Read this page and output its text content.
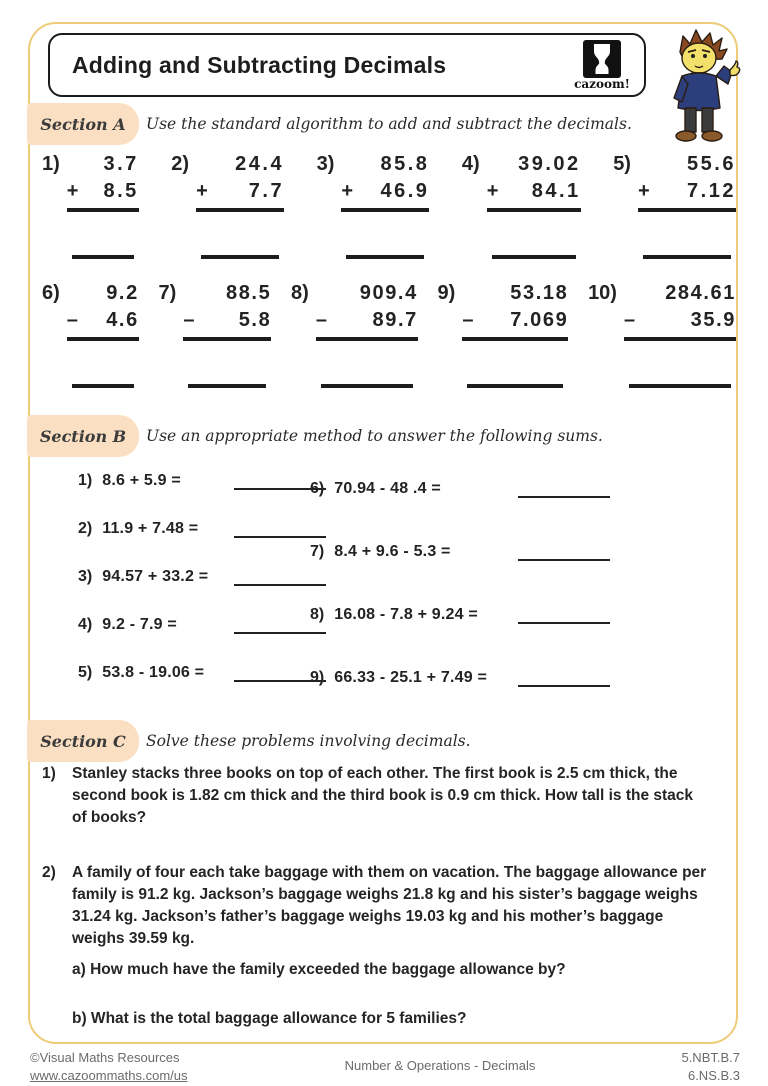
Adding and Subtracting Decimals
cazoom!
Section A Use the standard algorithm to add and subtract the decimals.
1) 3.7
+ 8.5
2) 24.4
+ 7.7
3) 85.8
+ 46.9
4) 39.02
+ 84.1
5)	55.6
+ 7.12
6) 9.2
– 4.6
7) 88.5
– 5.8
8)	909.4
– 89.7
9)	53.18
– 7.069
10) 284.61
–	35.9
Section B Use an appropriate method to answer the following sums.
1) 8.6 + 5.9 =
2) 11.9 + 7.48 =
3) 94.57 + 33.2 =
4) 9.2 - 7.9 =
5) 53.8 - 19.06 =
6) 70.94 - 48 .4 =
7) 8.4 + 9.6 - 5.3 =
8) 16.08 - 7.8 + 9.24 =
9) 66.33 - 25.1 + 7.49 =
Section C Solve these problems involving decimals.
1)	Stanley stacks three books on top of each other. The first book is 2.5 cm thick, the second book is 1.82 cm thick and the third book is 0.9 cm thick. How tall is the stack of books?
2)	A family of four each take baggage with them on vacation. The baggage allowance per family is 91.2 kg. Jackson’s baggage weighs 21.8 kg and his sister’s baggage weighs 31.24 kg. Jackson’s father’s baggage weighs 19.03 kg and his mother’s baggage weighs 39.59 kg.
a) How much have the family exceeded the baggage allowance by?
b) What is the total baggage allowance for 5 families?
©Visual Maths Resources
www.cazoommaths.com/us
Number & Operations - Decimals
5.NBT.B.7
6.NS.B.3
